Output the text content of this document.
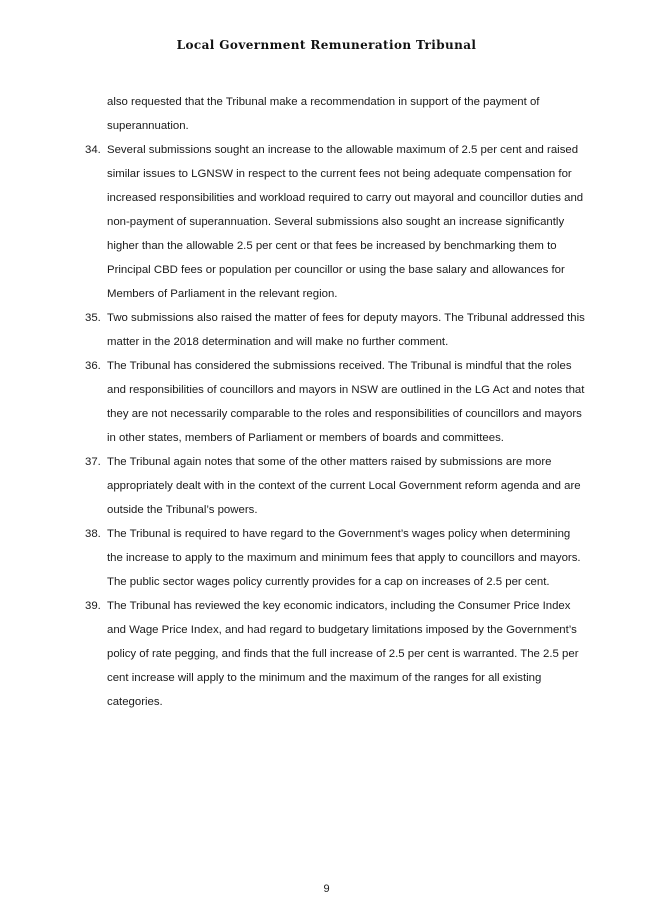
Local Government Remuneration Tribunal

also requested that the Tribunal make a recommendation in support of the payment of superannuation.

34. Several submissions sought an increase to the allowable maximum of 2.5 per cent and raised similar issues to LGNSW in respect to the current fees not being adequate compensation for increased responsibilities and workload required to carry out mayoral and councillor duties and non-payment of superannuation. Several submissions also sought an increase significantly higher than the allowable 2.5 per cent or that fees be increased by benchmarking them to Principal CBD fees or population per councillor or using the base salary and allowances for Members of Parliament in the relevant region.
35. Two submissions also raised the matter of fees for deputy mayors. The Tribunal addressed this matter in the 2018 determination and will make no further comment.
36. The Tribunal has considered the submissions received. The Tribunal is mindful that the roles and responsibilities of councillors and mayors in NSW are outlined in the LG Act and notes that they are not necessarily comparable to the roles and responsibilities of councillors and mayors in other states, members of Parliament or members of boards and committees.
37. The Tribunal again notes that some of the other matters raised by submissions are more appropriately dealt with in the context of the current Local Government reform agenda and are outside the Tribunal’s powers.
38. The Tribunal is required to have regard to the Government’s wages policy when determining the increase to apply to the maximum and minimum fees that apply to councillors and mayors. The public sector wages policy currently provides for a cap on increases of 2.5 per cent.
39. The Tribunal has reviewed the key economic indicators, including the Consumer Price Index and Wage Price Index, and had regard to budgetary limitations imposed by the Government’s policy of rate pegging, and finds that the full increase of 2.5 per cent is warranted. The 2.5 per cent increase will apply to the minimum and the maximum of the ranges for all existing categories.
9
